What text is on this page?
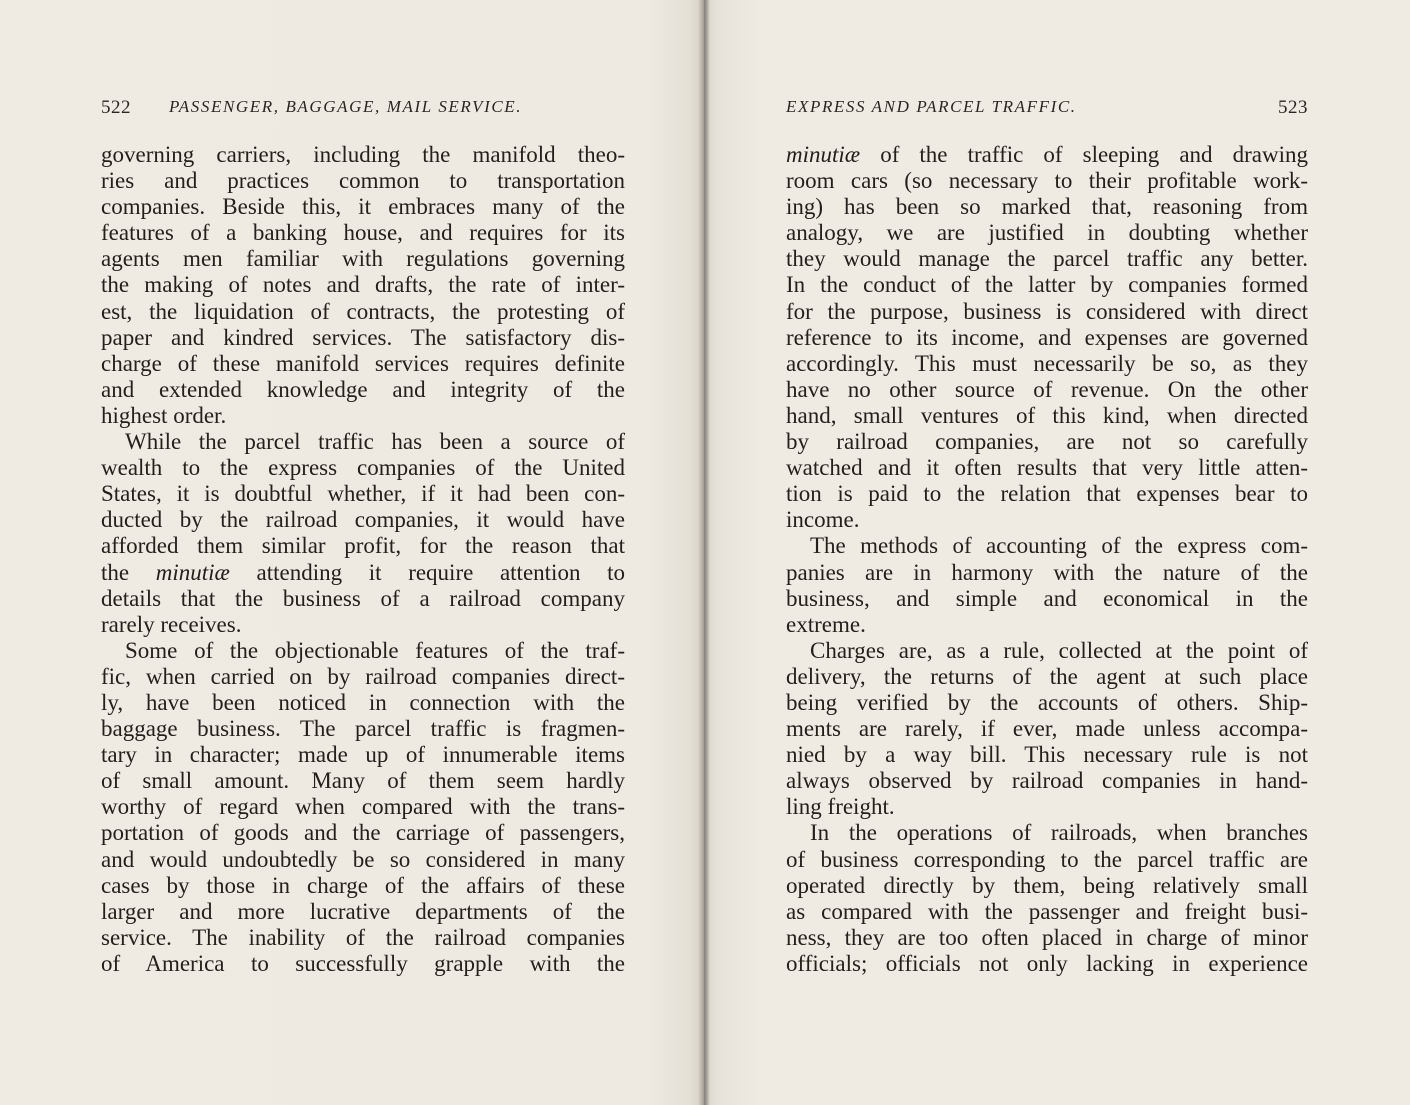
522 PASSENGER, BAGGAGE, MAIL SERVICE.
governing carriers, including the manifold theo-
ries and practices common to transportation
companies. Beside this, it embraces many of the
features of a banking house, and requires for its
agents men familiar with regulations governing
the making of notes and drafts, the rate of inter-
est, the liquidation of contracts, the protesting of
paper and kindred services. The satisfactory dis-
charge of these manifold services requires definite
and extended knowledge and integrity of the
highest order.
While the parcel traffic has been a source of
wealth to the express companies of the United
States, it is doubtful whether, if it had been con-
ducted by the railroad companies, it would have
afforded them similar profit, for the reason that
the minutiæ attending it require attention to
details that the business of a railroad company
rarely receives.
Some of the objectionable features of the traf-
fic, when carried on by railroad companies direct-
ly, have been noticed in connection with the
baggage business. The parcel traffic is fragmen-
tary in character; made up of innumerable items
of small amount. Many of them seem hardly
worthy of regard when compared with the trans-
portation of goods and the carriage of passengers,
and would undoubtedly be so considered in many
cases by those in charge of the affairs of these
larger and more lucrative departments of the
service. The inability of the railroad companies
of America to successfully grapple with the
EXPRESS AND PARCEL TRAFFIC.	523
minutiæ of the traffic of sleeping and drawing
room cars (so necessary to their profitable work-
ing) has been so marked that, reasoning from
analogy, we are justified in doubting whether
they would manage the parcel traffic any better.
In the conduct of the latter by companies formed
for the purpose, business is considered with direct
reference to its income, and expenses are governed
accordingly. This must necessarily be so, as they
have no other source of revenue. On the other
hand, small ventures of this kind, when directed
by railroad companies, are not so carefully
watched and it often results that very little atten-
tion is paid to the relation that expenses bear to
income.
The methods of accounting of the express com-
panies are in harmony with the nature of the
business, and simple and economical in the
extreme.
Charges are, as a rule, collected at the point of
delivery, the returns of the agent at such place
being verified by the accounts of others. Ship-
ments are rarely, if ever, made unless accompa-
nied by a way bill. This necessary rule is not
always observed by railroad companies in hand-
ling freight.
In the operations of railroads, when branches
of business corresponding to the parcel traffic are
operated directly by them, being relatively small
as compared with the passenger and freight busi-
ness, they are too often placed in charge of minor
officials; officials not only lacking in experience
